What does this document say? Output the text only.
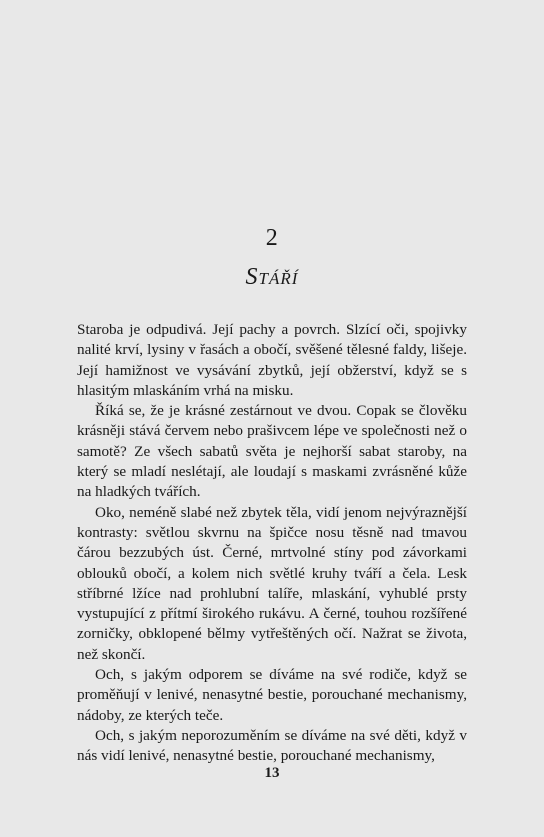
2
Stáří

Staroba je odpudivá. Její pachy a povrch. Slzící oči, spojivky nalité krví, lysiny v řasách a obočí, svěšené tělesné faldy, lišeje. Její hamižnost ve vysávání zbytků, její obžerství, když se s hlasitým mlaskáním vrhá na misku.

Říká se, že je krásné zestárnout ve dvou. Copak se člověku krásněji stává červem nebo prašivcem lépe ve společnosti než o samotě? Ze všech sabatů světa je nejhorší sabat staroby, na který se mladí neslétají, ale loudají s maskami zvrásněné kůže na hladkých tvářích.

Oko, neméně slabé než zbytek těla, vidí jenom nejvýraznější kontrasty: světlou skvrnu na špičce nosu těsně nad tmavou čárou bezzubých úst. Černé, mrtvolné stíny pod závorkami oblouků obočí, a kolem nich světlé kruhy tváří a čela. Lesk stříbrné lžíce nad prohlubní talíře, mlaskání, vyhublé prsty vystupující z přítmí širokého rukávu. A černé, touhou rozšířené zorničky, obklopené bělmy vytřeštěných očí. Nažrat se života, než skončí.

Och, s jakým odporem se díváme na své rodiče, když se proměňují v lenivé, nenasytné bestie, porouchané mechanismy, nádoby, ze kterých teče.

Och, s jakým neporozuměním se díváme na své děti, když v nás vidí lenivé, nenasytné bestie, porouchané mechanismy,

13
